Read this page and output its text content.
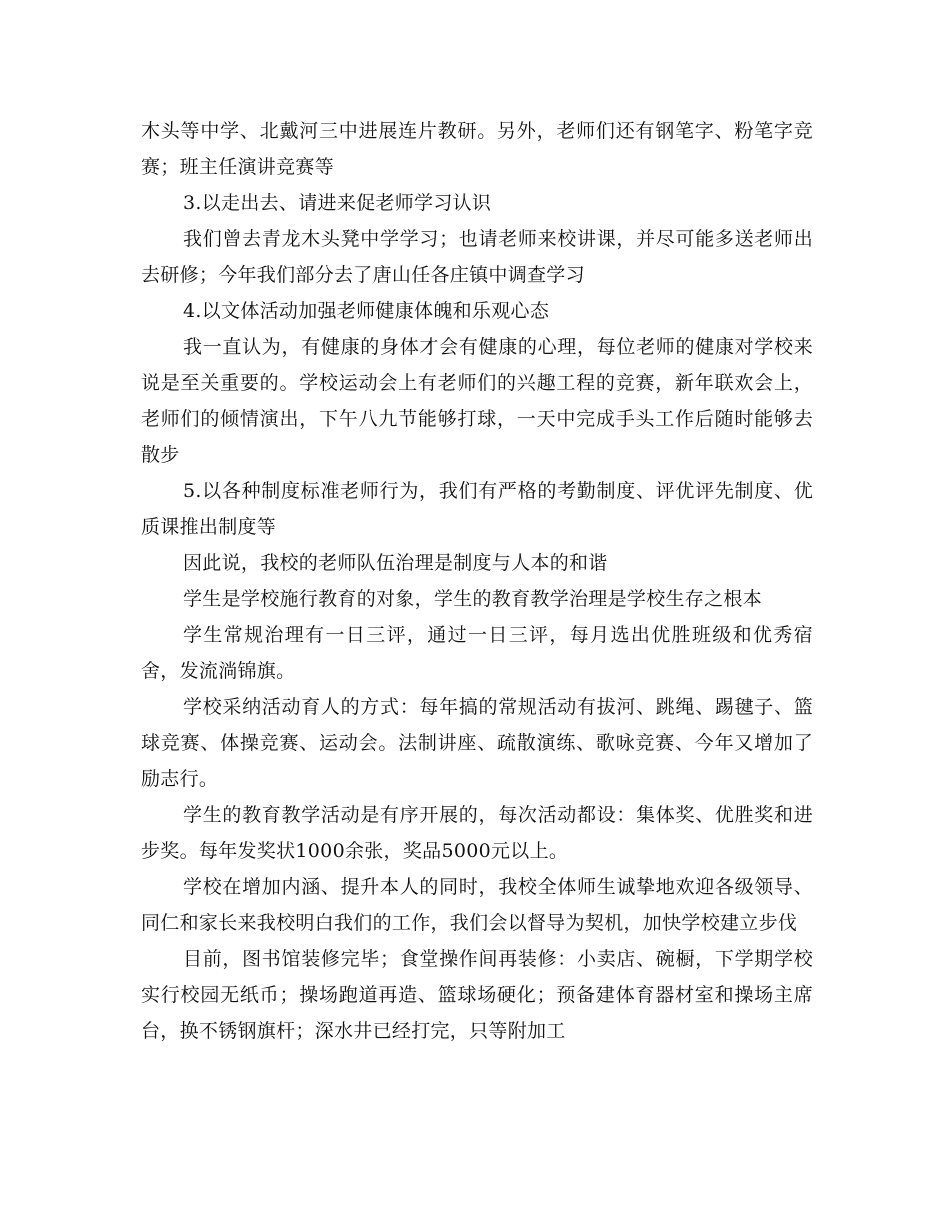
木头等中学、北戴河三中进展连片教研。另外，老师们还有钢笔字、粉笔字竞赛；班主任演讲竞赛等

3.以走出去、请进来促老师学习认识

我们曾去青龙木头凳中学学习；也请老师来校讲课，并尽可能多送老师出去研修；今年我们部分去了唐山任各庄镇中调查学习

4.以文体活动加强老师健康体魄和乐观心态

我一直认为，有健康的身体才会有健康的心理，每位老师的健康对学校来说是至关重要的。学校运动会上有老师们的兴趣工程的竞赛，新年联欢会上，老师们的倾情演出，下午八九节能够打球，一天中完成手头工作后随时能够去散步

5.以各种制度标准老师行为，我们有严格的考勤制度、评优评先制度、优质课推出制度等

因此说，我校的老师队伍治理是制度与人本的和谐

学生是学校施行教育的对象，学生的教育教学治理是学校生存之根本

学生常规治理有一日三评，通过一日三评，每月选出优胜班级和优秀宿舍，发流淌锦旗。

学校采纳活动育人的方式：每年搞的常规活动有拔河、跳绳、踢毽子、篮球竞赛、体操竞赛、运动会。法制讲座、疏散演练、歌咏竞赛、今年又增加了励志行。

学生的教育教学活动是有序开展的，每次活动都设：集体奖、优胜奖和进步奖。每年发奖状1000余张，奖品5000元以上。

学校在增加内涵、提升本人的同时，我校全体师生诚挚地欢迎各级领导、同仁和家长来我校明白我们的工作，我们会以督导为契机，加快学校建立步伐

目前，图书馆装修完毕；食堂操作间再装修：小卖店、碗橱，下学期学校实行校园无纸币；操场跑道再造、篮球场硬化；预备建体育器材室和操场主席台，换不锈钢旗杆；深水井已经打完，只等附加工
